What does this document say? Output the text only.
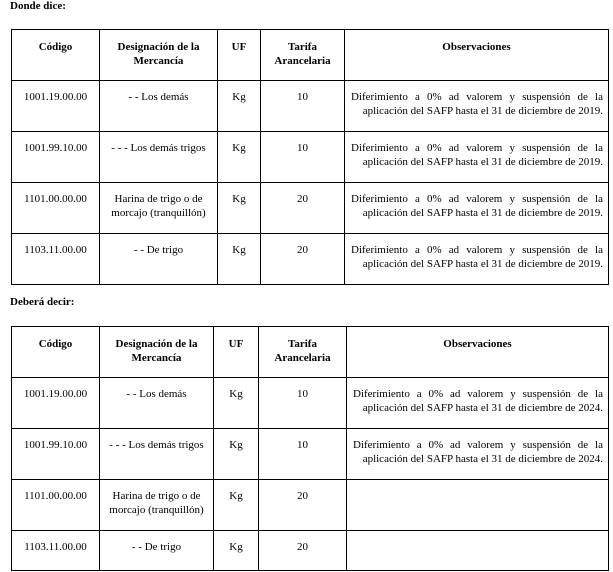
Donde dice:
Código	Designación de la Mercancía	UF	Tarifa Arancelaria	Observaciones
1001.19.00.00	- - Los demás	Kg	10	Diferimiento a 0% ad valorem y suspensión de la aplicación del SAFP hasta el 31 de diciembre de 2019.
1001.99.10.00	- - - Los demás trigos	Kg	10	Diferimiento a 0% ad valorem y suspensión de la aplicación del SAFP hasta el 31 de diciembre de 2019.
1101.00.00.00	Harina de trigo o de morcajo (tranquillón)	Kg	20	Diferimiento a 0% ad valorem y suspensión de la aplicación del SAFP hasta el 31 de diciembre de 2019.
1103.11.00.00	- - De trigo	Kg	20	Diferimiento a 0% ad valorem y suspensión de la aplicación del SAFP hasta el 31 de diciembre de 2019.
Deberá decir:
Código	Designación de la Mercancía	UF	Tarifa Arancelaria	Observaciones
1001.19.00.00	- - Los demás	Kg	10	Diferimiento a 0% ad valorem y suspensión de la aplicación del SAFP hasta el 31 de diciembre de 2024.
1001.99.10.00	- - - Los demás trigos	Kg	10	Diferimiento a 0% ad valorem y suspensión de la aplicación del SAFP hasta el 31 de diciembre de 2024.
1101.00.00.00	Harina de trigo o de morcajo (tranquillón)	Kg	20	
1103.11.00.00	- - De trigo	Kg	20	
